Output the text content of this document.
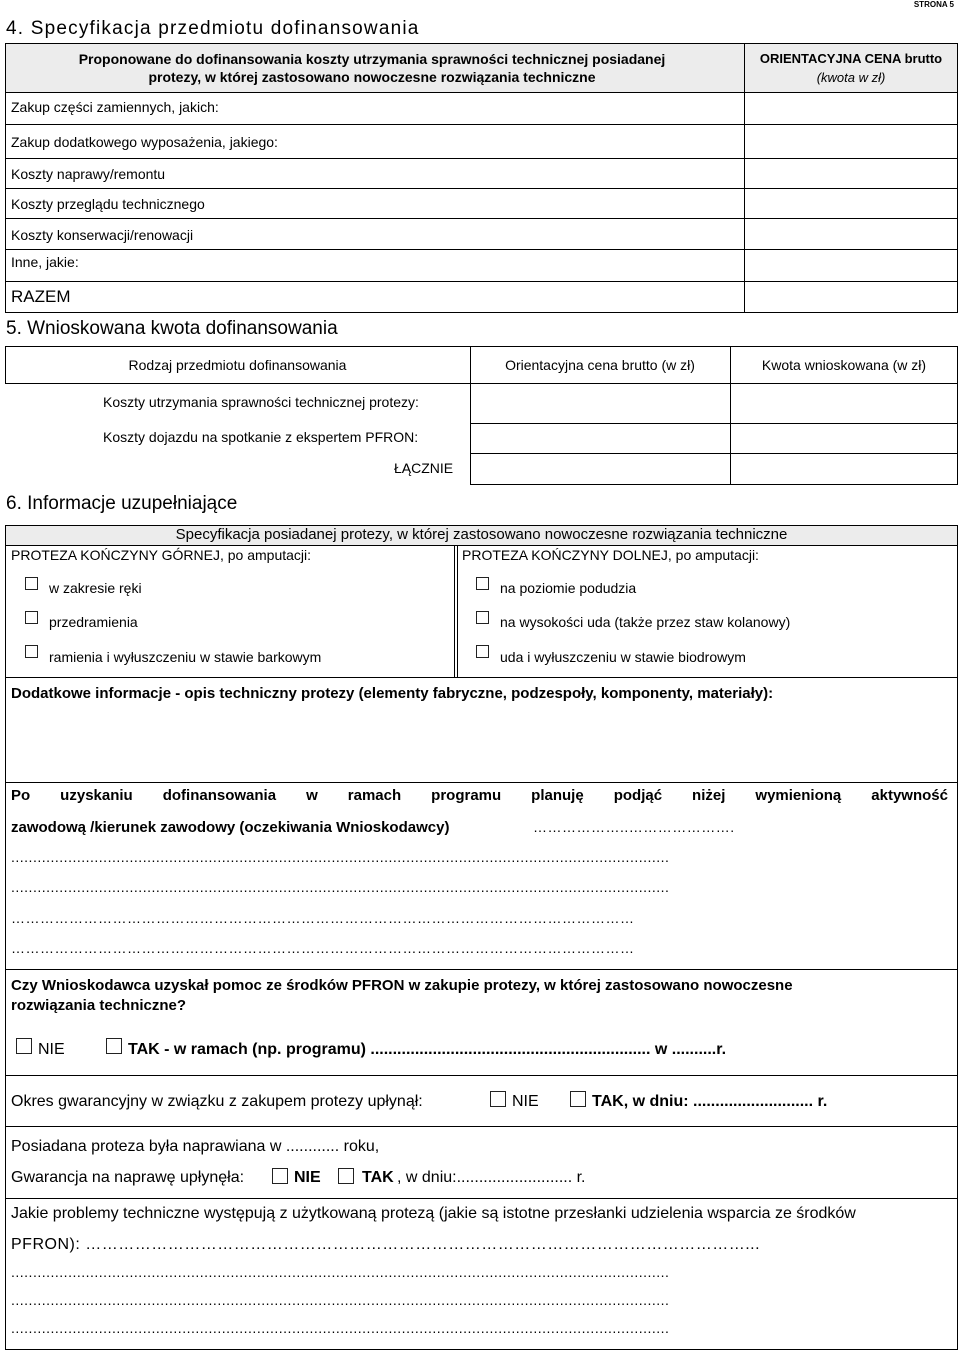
STRONA 5
4. Specyfikacja przedmiotu dofinansowania
Proponowane do dofinansowania koszty utrzymania sprawności technicznej posiadanej
protezy, w której zastosowano nowoczesne rozwiązania techniczne
ORIENTACYJNA CENA brutto
(kwota w zł)
Zakup części zamiennych, jakich:
Zakup dodatkowego wyposażenia, jakiego:
Koszty naprawy/remontu
Koszty przeglądu technicznego
Koszty konserwacji/renowacji
Inne, jakie:
RAZEM
5. Wnioskowana kwota dofinansowania
Rodzaj przedmiotu dofinansowania	Orientacyjna cena brutto (w zł)	Kwota wnioskowana (w zł)
Koszty utrzymania sprawności technicznej protezy:
Koszty dojazdu na spotkanie z ekspertem PFRON:
ŁĄCZNIE
6. Informacje uzupełniające
Specyfikacja posiadanej protezy, w której zastosowano nowoczesne rozwiązania techniczne
PROTEZA KOŃCZYNY GÓRNEJ, po amputacji:	PROTEZA KOŃCZYNY DOLNEJ, po amputacji:
w zakresie ręki
przedramienia
ramienia i wyłuszczeniu w stawie barkowym
na poziomie podudzia
na wysokości uda (także przez staw kolanowy)
uda i wyłuszczeniu w stawie biodrowym
Dodatkowe informacje - opis techniczny protezy (elementy fabryczne, podzespoły, komponenty, materiały):
Po uzyskaniu dofinansowania w ramach programu planuję podjąć niżej wymienioną aktywność
zawodową /kierunek zawodowy (oczekiwania Wnioskodawcy)	………………..………………….
......................................................................................................................................................
......................................................................................................................................................
…………………………………………………………………………………………………………………
…………………………………………………………………………………………………………………
Czy Wnioskodawca uzyskał pomoc ze środków PFRON w zakupie protezy, w której zastosowano nowoczesne
rozwiązania techniczne?
NIE	TAK - w ramach (np. programu) ............................................................... w ..........r.
Okres gwarancyjny w związku z zakupem protezy upłynął:	NIE	TAK, w dniu: ........................... r.
Posiadana proteza była naprawiana w ............ roku,
Gwarancja na naprawę upłynęła:	NIE	TAK , w dniu:.......................... r.
Jakie problemy techniczne występują z użytkowaną protezą (jakie są istotne przesłanki udzielenia wsparcia ze środków
PFRON): …………………………………………………………………………………………………………...
......................................................................................................................................................
......................................................................................................................................................
......................................................................................................................................................
